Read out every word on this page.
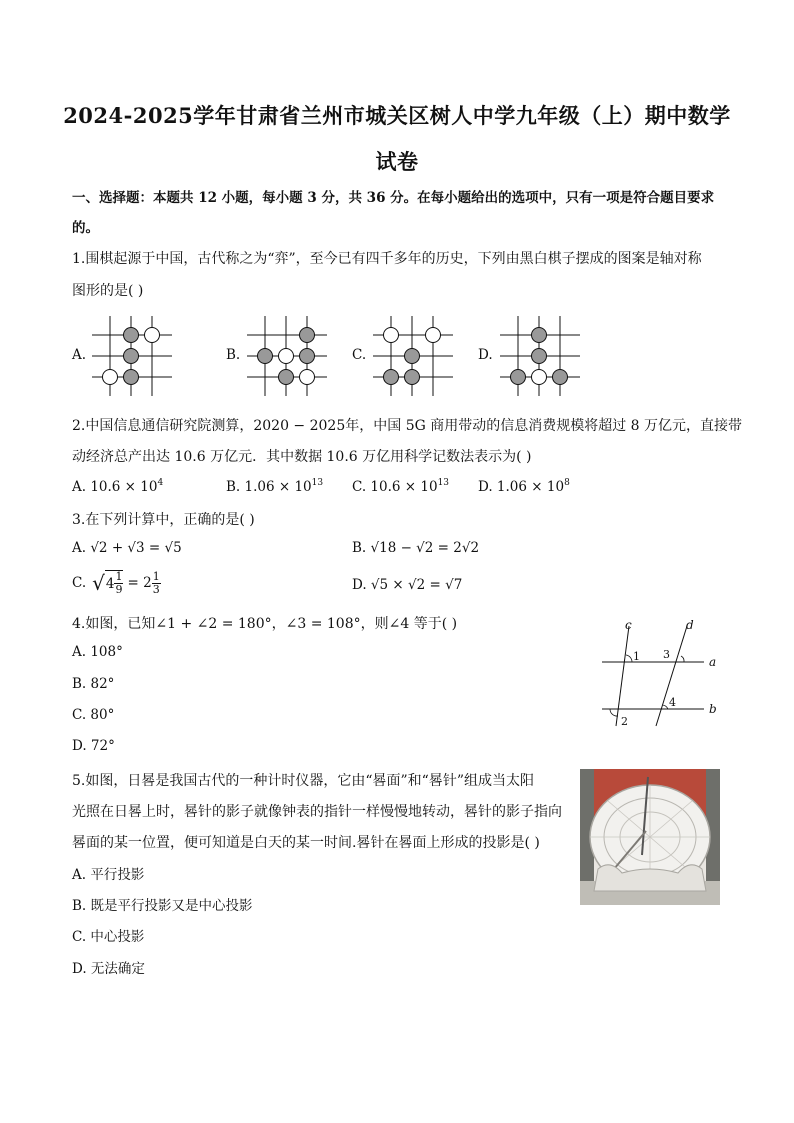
2024-2025学年甘肃省兰州市城关区树人中学九年级（上）期中数学
试卷
一、选择题：本题共 12 小题，每小题 3 分，共 36 分。在每小题给出的选项中，只有一项是符合题目要求
的。
1.围棋起源于中国，古代称之为“弈”，至今已有四千多年的历史，下列由黑白棋子摆成的图案是轴对称
图形的是( )
A.	B.	C.	D.
2.中国信息通信研究院测算，2020 − 2025年，中国 5G 商用带动的信息消费规模将超过 8 万亿元，直接带
动经济总产出达 10.6 万亿元．其中数据 10.6 万亿用科学记数法表示为( )
A. $10.6 \times 10^4$	B. $1.06 \times 10^{13}$ C. $10.6 \times 10^{13}$ D. $1.06 \times 10^8$
3.在下列计算中，正确的是( )
A. √2 + √3 = √5	B. √18 − √2 = 2√2
C. √ $4 \frac{1}{9} = 2 \frac{1}{3}$	D. √5 × √2 = √7
4.如图，已知∠1 + ∠2 = 180°，∠3 = 108°，则∠4 等于( )
A. 108°
B. 82°
C. 80°
D. 72°
c	d
a
b
1
2
3
4
5.如图，日晷是我国古代的一种计时仪器，它由“晷面”和“晷针”组成当太阳
光照在日晷上时，晷针的影子就像钟表的指针一样慢慢地转动，晷针的影子指向
晷面的某一位置，便可知道是白天的某一时间.晷针在晷面上形成的投影是( )
A. 平行投影
B. 既是平行投影又是中心投影
C. 中心投影
D. 无法确定
